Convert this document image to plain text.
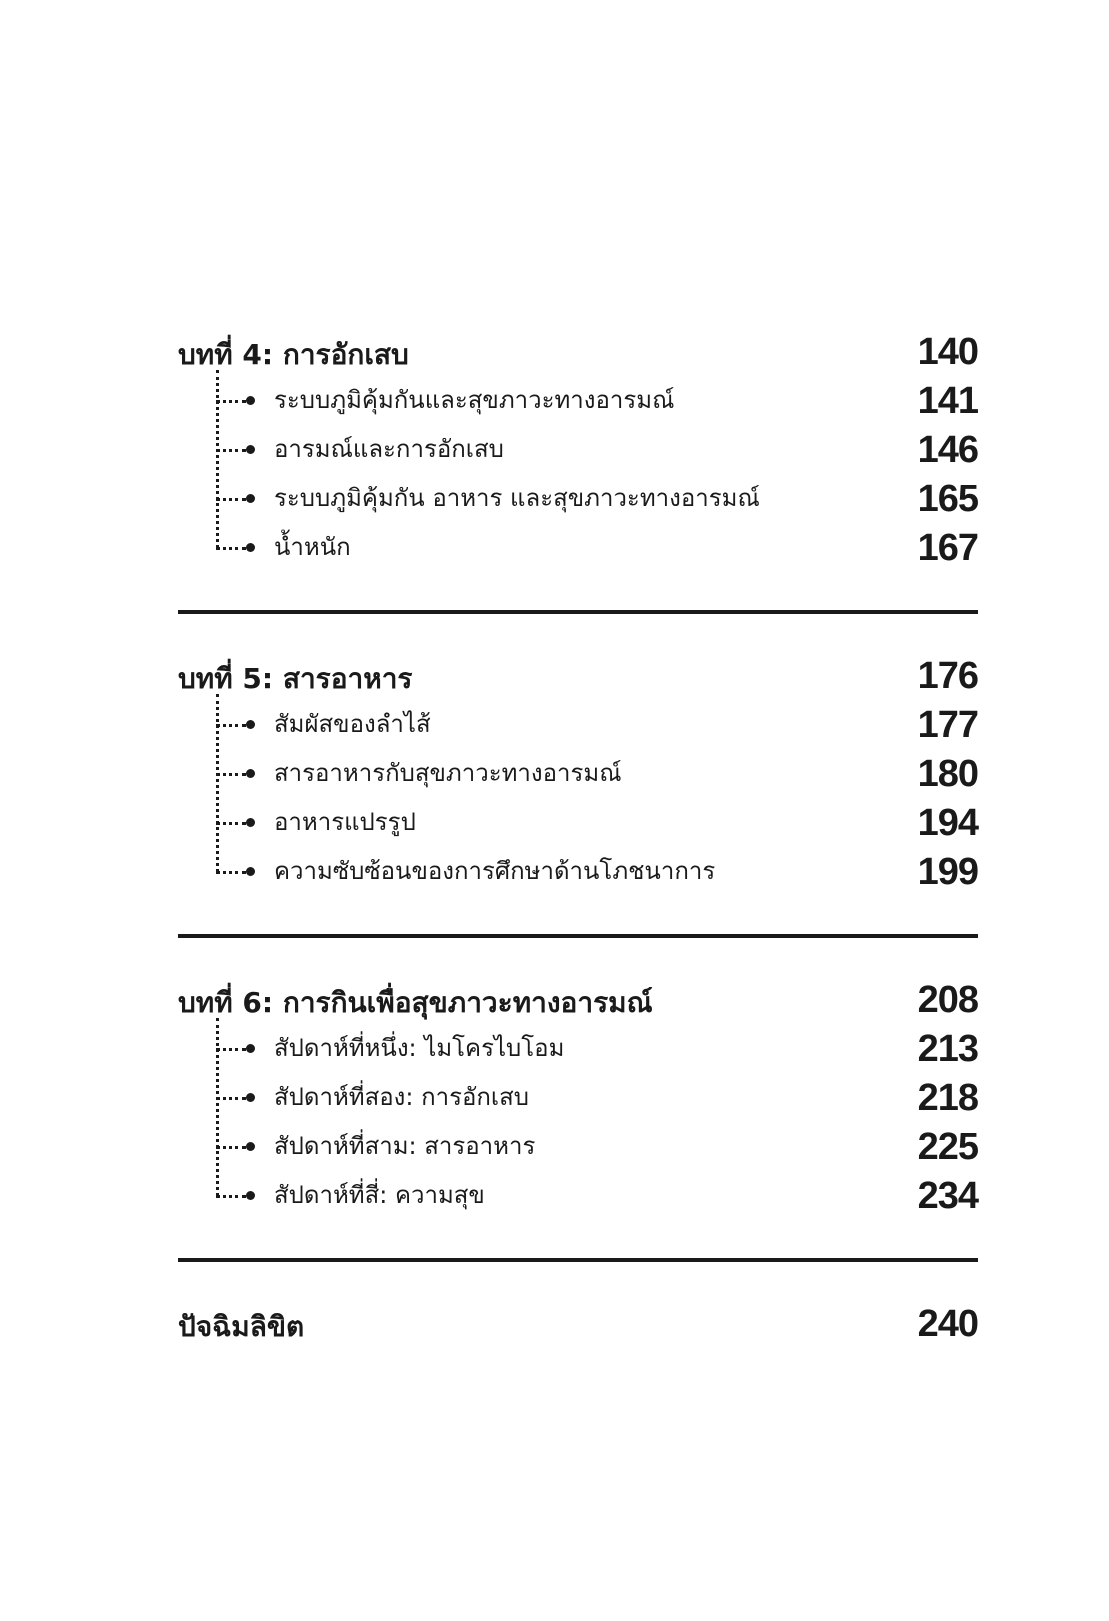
บทที่ 4: การอักเสบ	140
ระบบภูมิคุ้มกันและสุขภาวะทางอารมณ์	141
อารมณ์และการอักเสบ	146
ระบบภูมิคุ้มกัน อาหาร และสุขภาวะทางอารมณ์	165
น้ำหนัก	167
บทที่ 5: สารอาหาร	176
สัมผัสของลำไส้	177
สารอาหารกับสุขภาวะทางอารมณ์	180
อาหารแปรรูป	194
ความซับซ้อนของการศึกษาด้านโภชนาการ	199
บทที่ 6: การกินเพื่อสุขภาวะทางอารมณ์	208
สัปดาห์ที่หนึ่ง: ไมโครไบโอม	213
สัปดาห์ที่สอง: การอักเสบ	218
สัปดาห์ที่สาม: สารอาหาร	225
สัปดาห์ที่สี่: ความสุข	234
ปัจฉิมลิขิต	240
